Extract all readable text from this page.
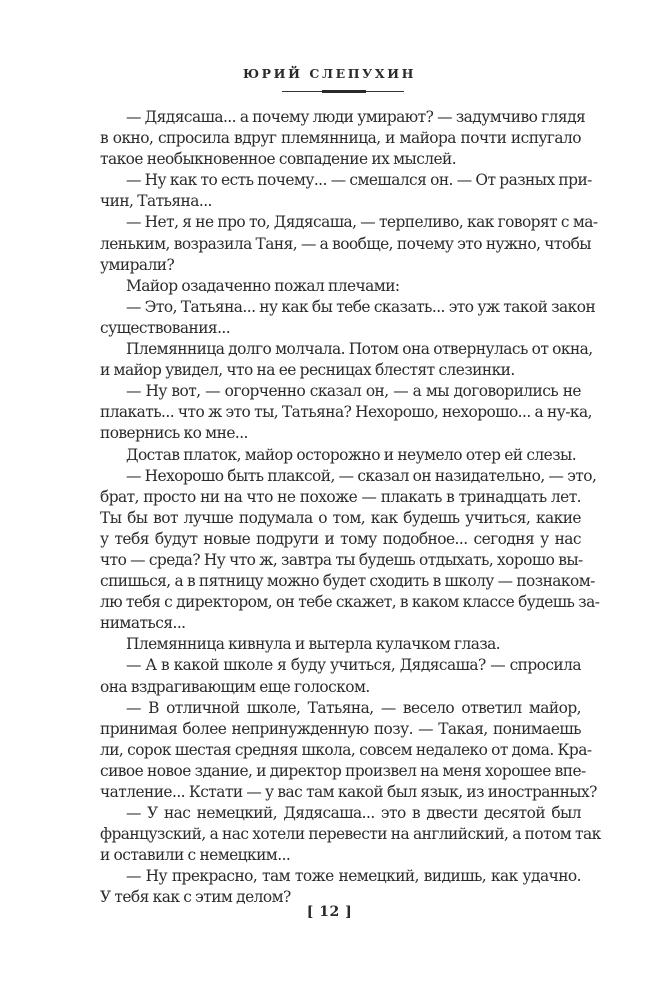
ЮРИЙ СЛЕПУХИН
— Дядясаша... а почему люди умирают? — задумчиво глядя
в окно, спросила вдруг племянница, и майора почти испугало
такое необыкновенное совпадение их мыслей.
— Ну как то есть почему... — смешался он. — От разных при-
чин, Татьяна...
— Нет, я не про то, Дядясаша, — терпеливо, как говорят с ма-
леньким, возразила Таня, — а вообще, почему это нужно, чтобы
умирали?
Майор озадаченно пожал плечами:
— Это, Татьяна... ну как бы тебе сказать... это уж такой закон
существования...
Племянница долго молчала. Потом она отвернулась от окна,
и майор увидел, что на ее ресницах блестят слезинки.
— Ну вот, — огорченно сказал он, — а мы договорились не
плакать... что ж это ты, Татьяна? Нехорошо, нехорошо... а ну-ка,
повернись ко мне...
Достав платок, майор осторожно и неумело отер ей слезы.
— Нехорошо быть плаксой, — сказал он назидательно, — это,
брат, просто ни на что не похоже — плакать в тринадцать лет.
Ты бы вот лучше подумала о том, как будешь учиться, какие
у тебя будут новые подруги и тому подобное... сегодня у нас
что — среда? Ну что ж, завтра ты будешь отдыхать, хорошо вы-
спишься, а в пятницу можно будет сходить в школу — познаком-
лю тебя с директором, он тебе скажет, в каком классе будешь за-
ниматься...
Племянница кивнула и вытерла кулачком глаза.
— А в какой школе я буду учиться, Дядясаша? — спросила
она вздрагивающим еще голоском.
— В отличной школе, Татьяна, — весело ответил майор,
принимая более непринужденную позу. — Такая, понимаешь
ли, сорок шестая средняя школа, совсем недалеко от дома. Кра-
сивое новое здание, и директор произвел на меня хорошее впе-
чатление... Кстати — у вас там какой был язык, из иностранных?
— У нас немецкий, Дядясаша... это в двести десятой был
французский, а нас хотели перевести на английский, а потом так
и оставили с немецким...
— Ну прекрасно, там тоже немецкий, видишь, как удачно.
У тебя как с этим делом?
[ 12 ]
